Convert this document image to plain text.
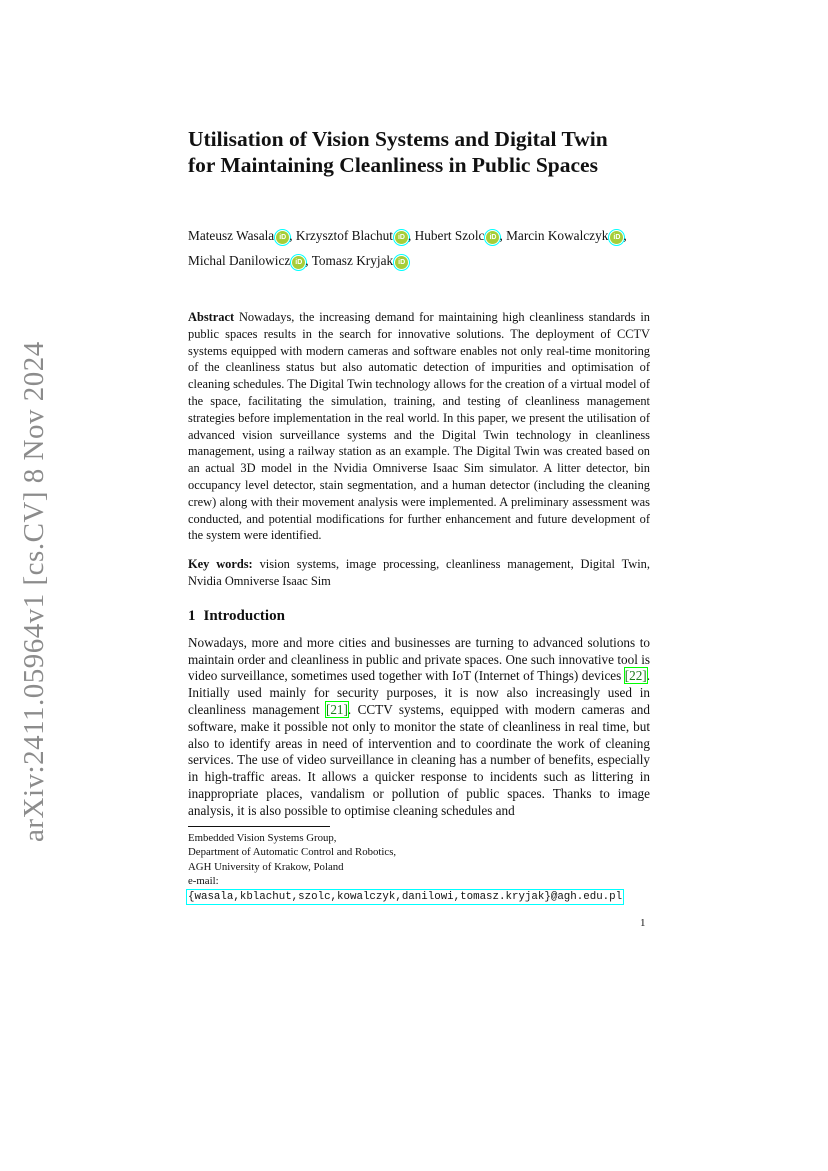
arXiv:2411.05964v1 [cs.CV] 8 Nov 2024
Utilisation of Vision Systems and Digital Twin
for Maintaining Cleanliness in Public Spaces
Mateusz Wasala iD , Krzysztof Blachut iD , Hubert Szolc iD , Marcin Kowalczyk iD ,
Michal Danilowicz iD , Tomasz Kryjak iD
Abstract Nowadays, the increasing demand for maintaining high cleanliness standards in public spaces results in the search for innovative solutions. The deployment of CCTV systems equipped with modern cameras and software enables not only real-time monitoring of the cleanliness status but also automatic detection of impurities and optimisation of cleaning schedules. The Digital Twin technology allows for the creation of a virtual model of the space, facilitating the simulation, training, and testing of cleanliness management strategies before implementation in the real world. In this paper, we present the utilisation of advanced vision surveillance systems and the Digital Twin technology in cleanliness management, using a railway station as an example. The Digital Twin was created based on an actual 3D model in the Nvidia Omniverse Isaac Sim simulator. A litter detector, bin occupancy level detector, stain segmentation, and a human detector (including the cleaning crew) along with their movement analysis were implemented. A preliminary assessment was conducted, and potential modifications for further enhancement and future development of the system were identified.
Key words: vision systems, image processing, cleanliness management, Digital Twin, Nvidia Omniverse Isaac Sim
1 Introduction
Nowadays, more and more cities and businesses are turning to advanced solutions to maintain order and cleanliness in public and private spaces. One such innovative tool is video surveillance, sometimes used together with IoT (Internet of Things) devices [22]. Initially used mainly for security purposes, it is now also increasingly used in cleanliness management [21]. CCTV systems, equipped with modern cameras and software, make it possible not only to monitor the state of cleanliness in real time, but also to identify areas in need of intervention and to coordinate the work of cleaning services. The use of video surveillance in cleaning has a number of benefits, especially in high-traffic areas. It allows a quicker response to incidents such as littering in inappropriate places, vandalism or pollution of public spaces. Thanks to image analysis, it is also possible to optimise cleaning schedules and
Embedded Vision Systems Group,
Department of Automatic Control and Robotics,
AGH University of Krakow, Poland
e-mail: {wasala,kblachut,szolc,kowalczyk,danilowi,tomasz.kryjak}@agh.edu.pl
1
